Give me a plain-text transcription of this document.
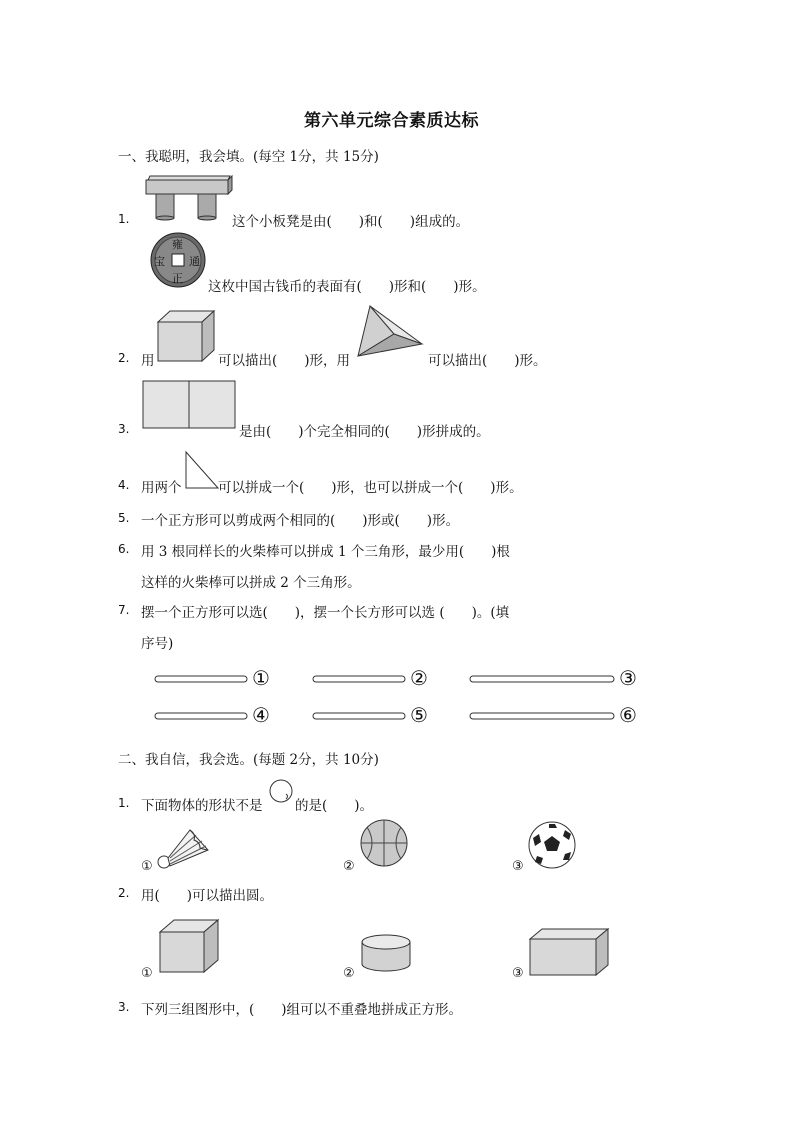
第六单元综合素质达标
一、我聪明，我会填。(每空 1分，共 15分)
1.	这个小板凳是由(　　)和(　　)组成的。
雍
正
宝 通
这枚中国古钱币的表面有(　　)形和(　　)形。
2. 用	可以描出(　　)形，用	可以描出(　　)形。
3.	是由(　　)个完全相同的(　　)形拼成的。
4. 用两个	可以拼成一个(　　)形，也可以拼成一个(　　)形。
5. 一个正方形可以剪成两个相同的(　　)形或(　　)形。
6. 用 3 根同样长的火柴棒可以拼成 1 个三角形，最少用(　　)根
这样的火柴棒可以拼成 2 个三角形。
7. 摆一个正方形可以选(　　)，摆一个长方形可以选 (　　)。(填
序号)
①	②	③
④	⑤	⑥
二、我自信，我会选。(每题 2分，共 10分)
1. 下面物体的形状不是 的是(　　)。
①	②	③
2. 用(　　)可以描出圆。
①	②	③
3. 下列三组图形中，(　　)组可以不重叠地拼成正方形。
